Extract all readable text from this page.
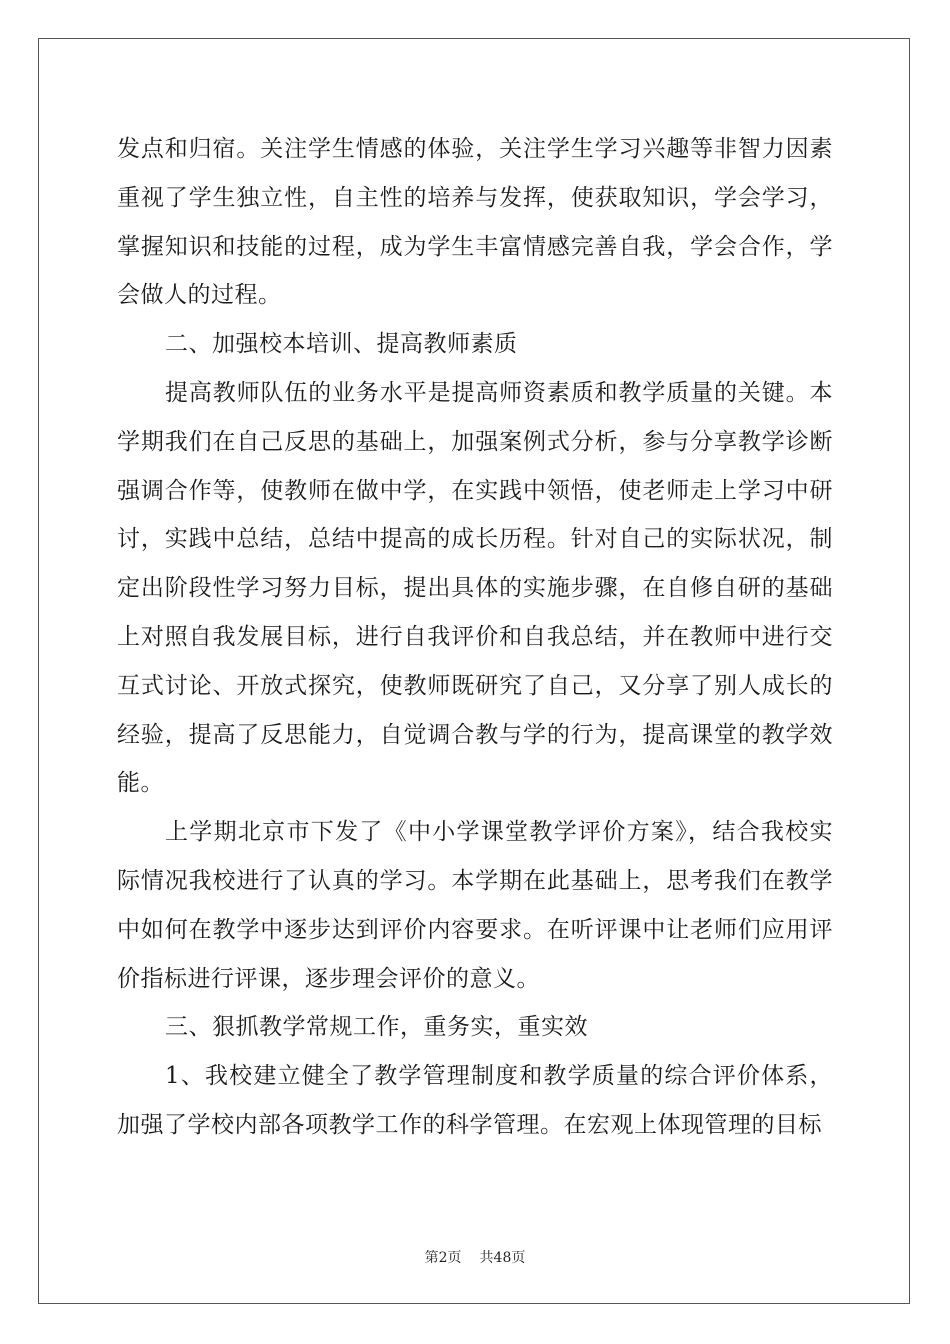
发点和归宿。关注学生情感的体验，关注学生学习兴趣等非智力因素重视了学生独立性，自主性的培养与发挥，使获取知识，学会学习，掌握知识和技能的过程，成为学生丰富情感完善自我，学会合作，学会做人的过程。

二、加强校本培训、提高教师素质

提高教师队伍的业务水平是提高师资素质和教学质量的关键。本学期我们在自己反思的基础上，加强案例式分析，参与分享教学诊断强调合作等，使教师在做中学，在实践中领悟，使老师走上学习中研讨，实践中总结，总结中提高的成长历程。针对自己的实际状况，制定出阶段性学习努力目标，提出具体的实施步骤，在自修自研的基础上对照自我发展目标，进行自我评价和自我总结，并在教师中进行交互式讨论、开放式探究，使教师既研究了自己，又分享了别人成长的经验，提高了反思能力，自觉调合教与学的行为，提高课堂的教学效能。

上学期北京市下发了《中小学课堂教学评价方案》，结合我校实际情况我校进行了认真的学习。本学期在此基础上，思考我们在教学中如何在教学中逐步达到评价内容要求。在听评课中让老师们应用评价指标进行评课，逐步理会评价的意义。

三、狠抓教学常规工作，重务实，重实效

1、我校建立健全了教学管理制度和教学质量的综合评价体系，加强了学校内部各项教学工作的科学管理。在宏观上体现管理的目标

第2页 共48页
